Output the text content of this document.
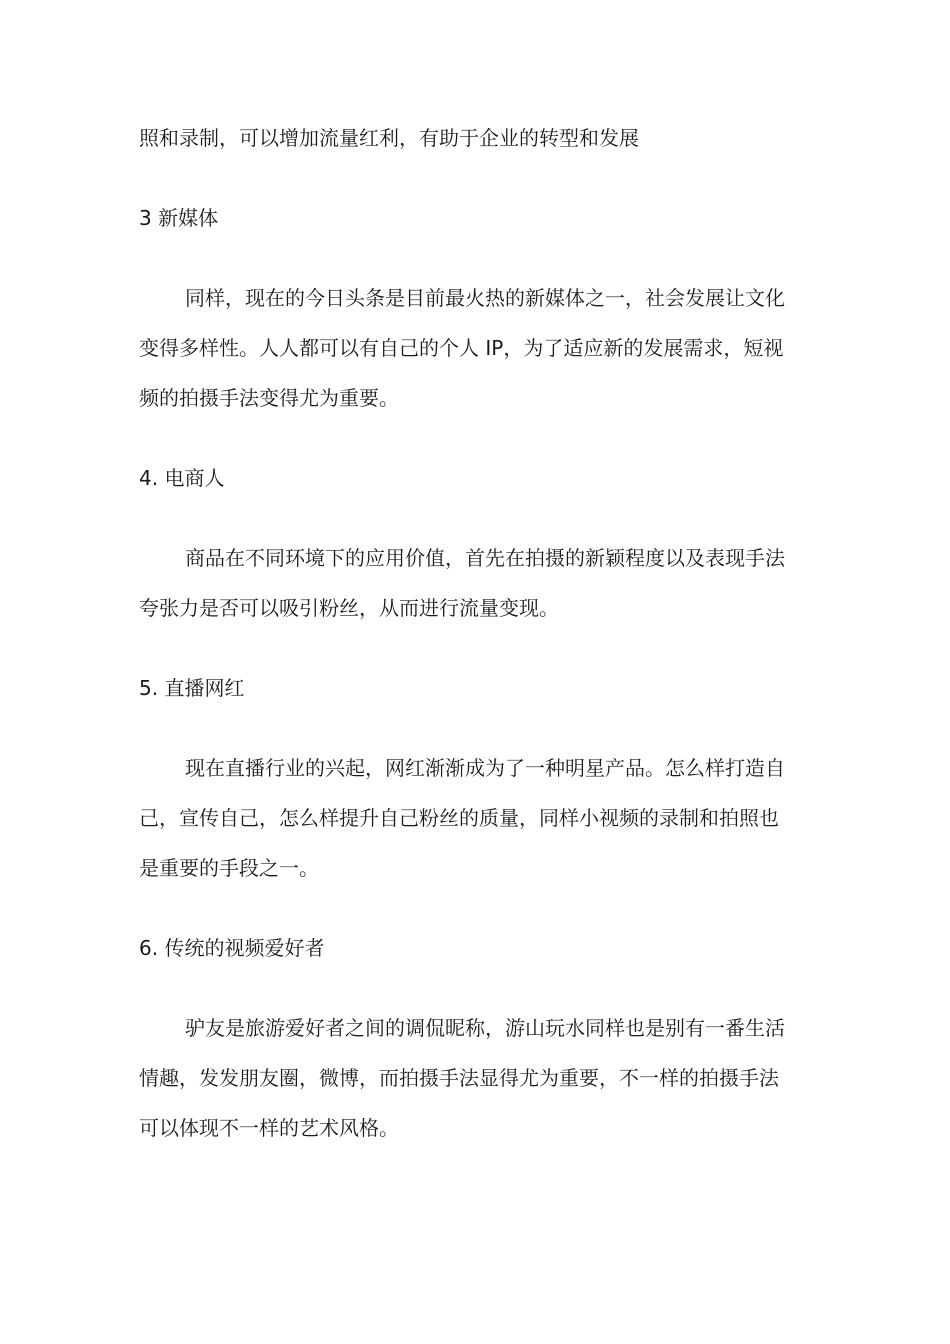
照和录制，可以增加流量红利，有助于企业的转型和发展

3 新媒体

同样，现在的今日头条是目前最火热的新媒体之一，社会发展让文化

变得多样性。人人都可以有自己的个人 IP，为了适应新的发展需求，短视

频的拍摄手法变得尤为重要。

4. 电商人

商品在不同环境下的应用价值，首先在拍摄的新颖程度以及表现手法

夸张力是否可以吸引粉丝，从而进行流量变现。

5. 直播网红

现在直播行业的兴起，网红渐渐成为了一种明星产品。怎么样打造自

己，宣传自己，怎么样提升自己粉丝的质量，同样小视频的录制和拍照也

是重要的手段之一。

6. 传统的视频爱好者

驴友是旅游爱好者之间的调侃昵称，游山玩水同样也是别有一番生活

情趣，发发朋友圈，微博，而拍摄手法显得尤为重要，不一样的拍摄手法

可以体现不一样的艺术风格。
